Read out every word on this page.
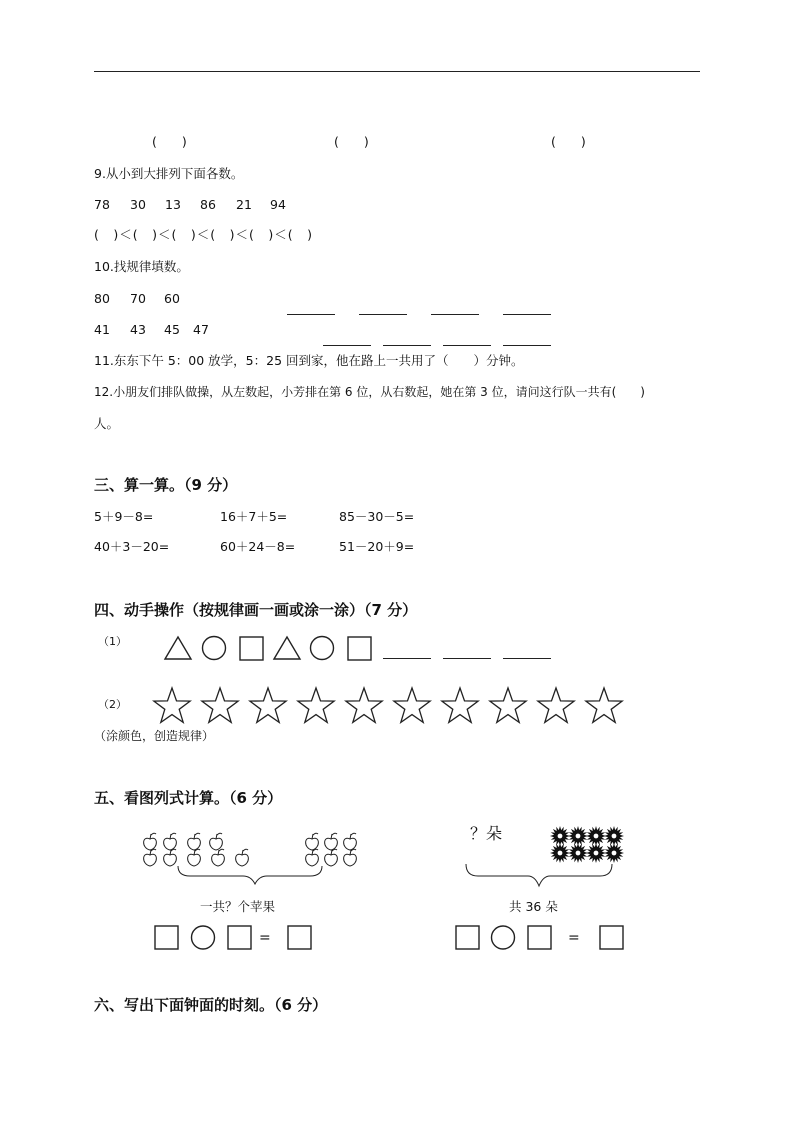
(　　)	(　　)	(　　)
9.从小到大排列下面各数。
78 30 13 86 21 94
(　)＜(　)＜(　)＜(　)＜(　)＜(　)
10.找规律填数。
80 70 60
41 43 45 47
11.东东下午 5：00 放学，5：25 回到家，他在路上一共用了（　　）分钟。
12.小朋友们排队做操，从左数起，小芳排在第 6 位，从右数起，她在第 3 位，请问这行队一共有(　　)
人。
三、算一算。（9 分）
5＋9－8=	16＋7＋5=	85－30－5=
40＋3－20=	60＋24－8=	51－20＋9=
四、动手操作（按规律画一画或涂一涂）（7 分）
（1）
（2）
（涂颜色，创造规律）
五、看图列式计算。（6 分）
一共？个苹果
=
？朵
共 36 朵
=
六、写出下面钟面的时刻。（6 分）
